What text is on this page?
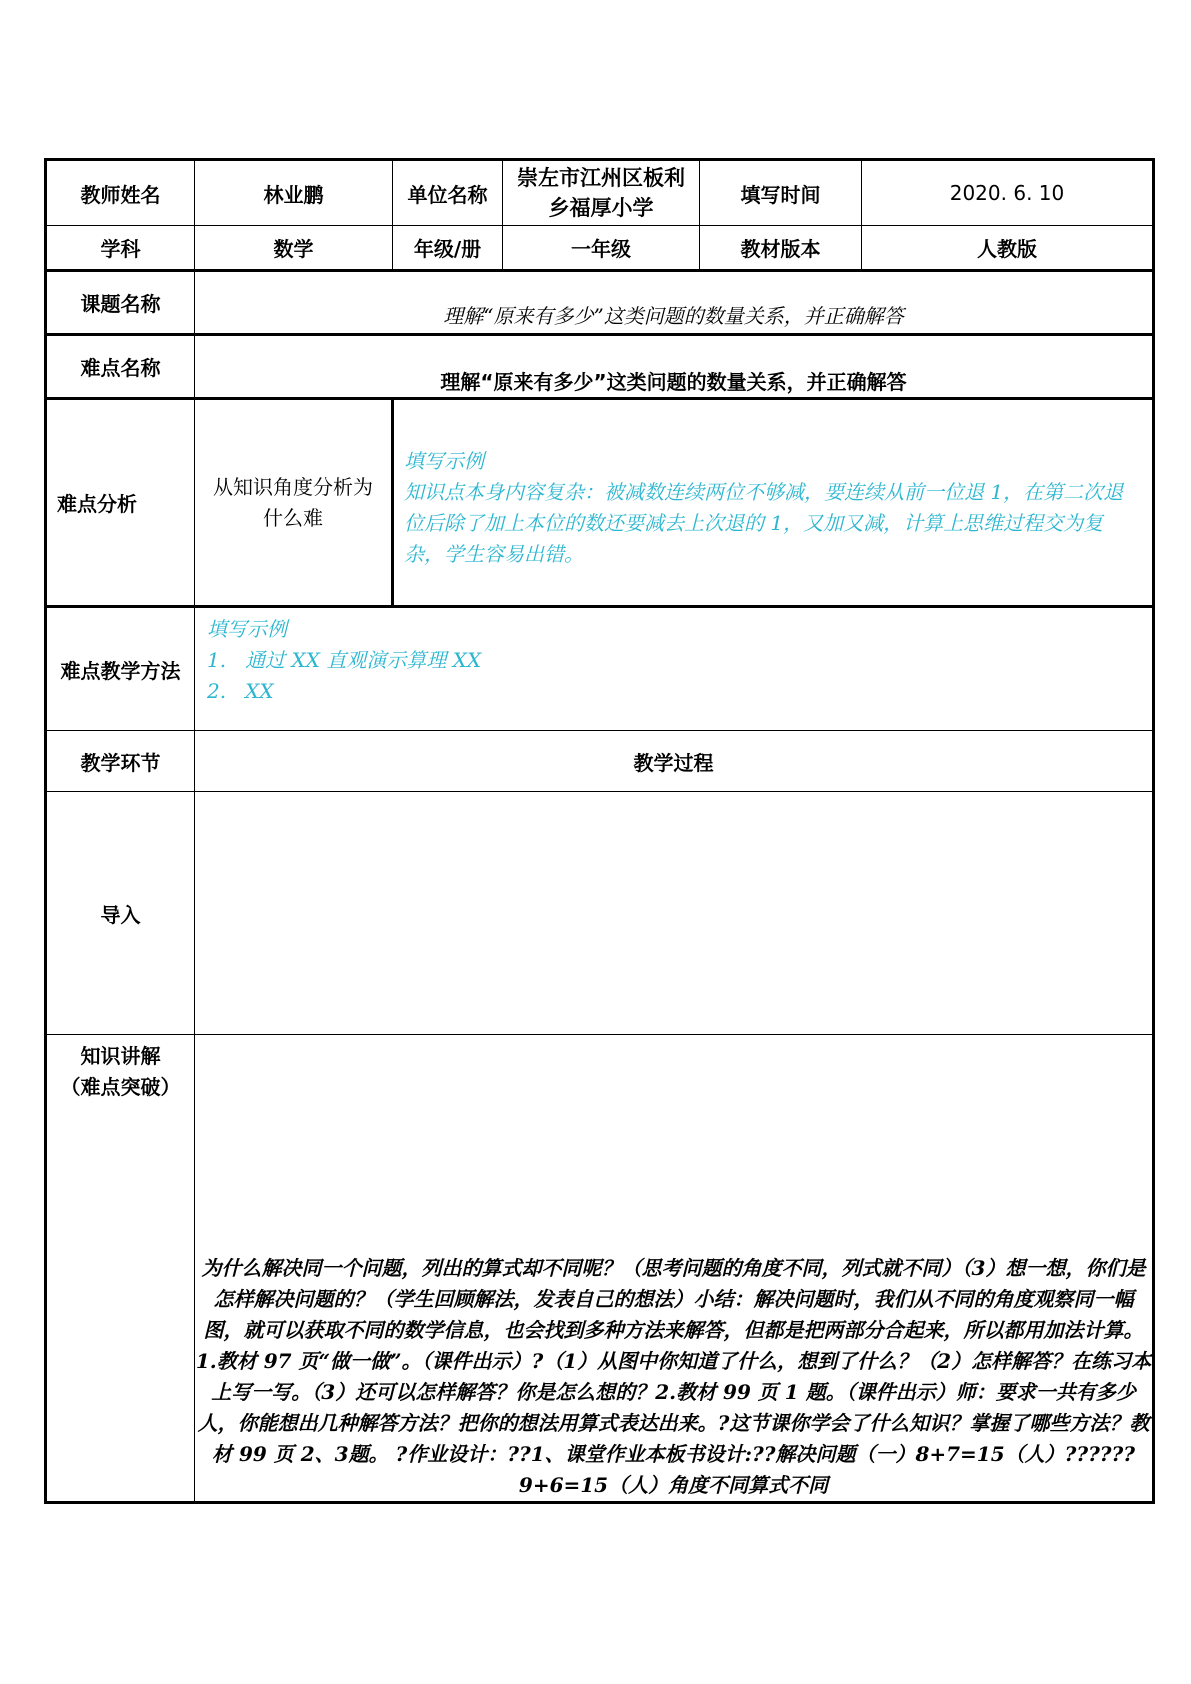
教师姓名	林业鹏	单位名称	崇左市江州区板利乡福厚小学	填写时间	2020. 6. 10
学科	数学	年级/册	一年级	教材版本	人教版
课题名称	理解“原来有多少”这类问题的数量关系，并正确解答				
难点名称	理解“原来有多少”这类问题的数量关系，并正确解答				
难点分析	从知识角度分析为什么难	填写示例
知识点本身内容复杂：被减数连续两位不够减，要连续从前一位退 1，在第二次退位后除了加上本位的数还要减去上次退的 1，又加又减，计算上思维过程交为复杂，学生容易出错。			

难点教学方法	填写示例
1.   通过 XX 直观演示算理 XX
2.   XX				

教学环节	教学过程				
导入					

知识讲解
（难点突破）	为什么解决同一个问题，列出的算式却不同呢？（思考问题的角度不同，列式就不同）（3）想一想，你们是怎样解决问题的？（学生回顾解法，发表自己的想法）小结：解决问题时，我们从不同的角度观察同一幅图，就可以获取不同的数学信息，也会找到多种方法来解答，但都是把两部分合起来，所以都用加法计算。1.教材 97 页“做一做”。（课件出示）?（1）从图中你知道了什么，想到了什么？（2）怎样解答？在练习本上写一写。（3）还可以怎样解答？你是怎么想的？2.教材 99 页 1 题。（课件出示）师：要求一共有多少人，你能想出几种解答方法？把你的想法用算式表达出来。?这节课你学会了什么知识？掌握了哪些方法？教材 99 页 2、3题。 ?作业设计：??1、课堂作业本板书设计:??解决问题（一）8+7=15（人）??????9+6=15（人）角度不同算式不同				
